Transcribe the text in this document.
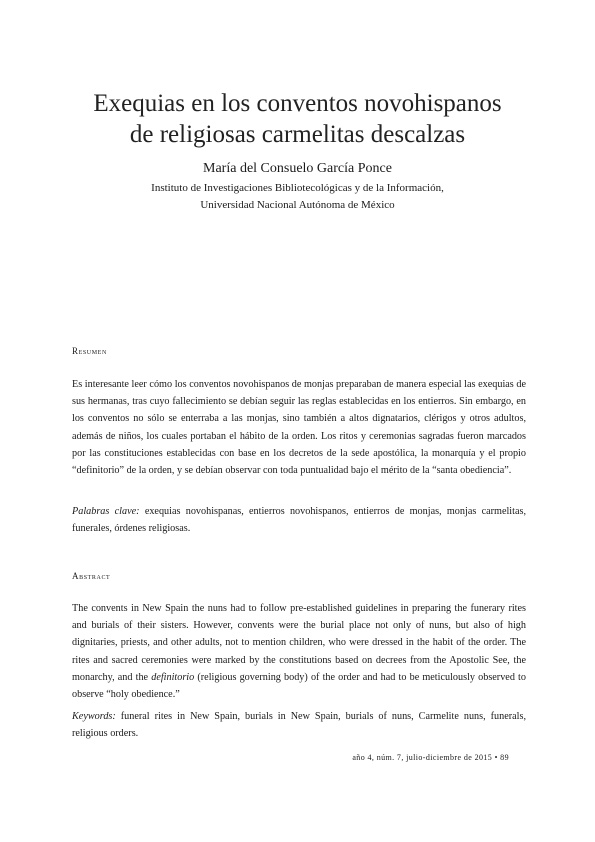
Exequias en los conventos novohispanos
de religiosas carmelitas descalzas
María del Consuelo García Ponce
Instituto de Investigaciones Bibliotecológicas y de la Información,
Universidad Nacional Autónoma de México
Resumen
Es interesante leer cómo los conventos novohispanos de monjas preparaban de manera especial las exequias de sus hermanas, tras cuyo fallecimiento se debían seguir las reglas establecidas en los entierros. Sin embargo, en los conventos no sólo se enterraba a las monjas, sino también a altos dignatarios, clérigos y otros adultos, además de niños, los cuales portaban el hábito de la orden. Los ritos y ceremonias sagradas fueron marcados por las constituciones establecidas con base en los decretos de la sede apostólica, la monarquía y el propio “definitorio” de la orden, y se debían observar con toda puntualidad bajo el mérito de la “santa obediencia”.
Palabras clave: exequias novohispanas, entierros novohispanos, entierros de monjas, monjas carmelitas, funerales, órdenes religiosas.
Abstract
The convents in New Spain the nuns had to follow pre-established guidelines in preparing the funerary rites and burials of their sisters. However, convents were the burial place not only of nuns, but also of high dignitaries, priests, and other adults, not to mention children, who were dressed in the habit of the order. The rites and sacred ceremonies were marked by the constitutions based on decrees from the Apostolic See, the monarchy, and the definitorio (religious governing body) of the order and had to be meticulously observed to observe “holy obedience.”
Keywords: funeral rites in New Spain, burials in New Spain, burials of nuns, Carmelite nuns, funerals, religious orders.
año 4, núm. 7, julio-diciembre de 2015 • 89
